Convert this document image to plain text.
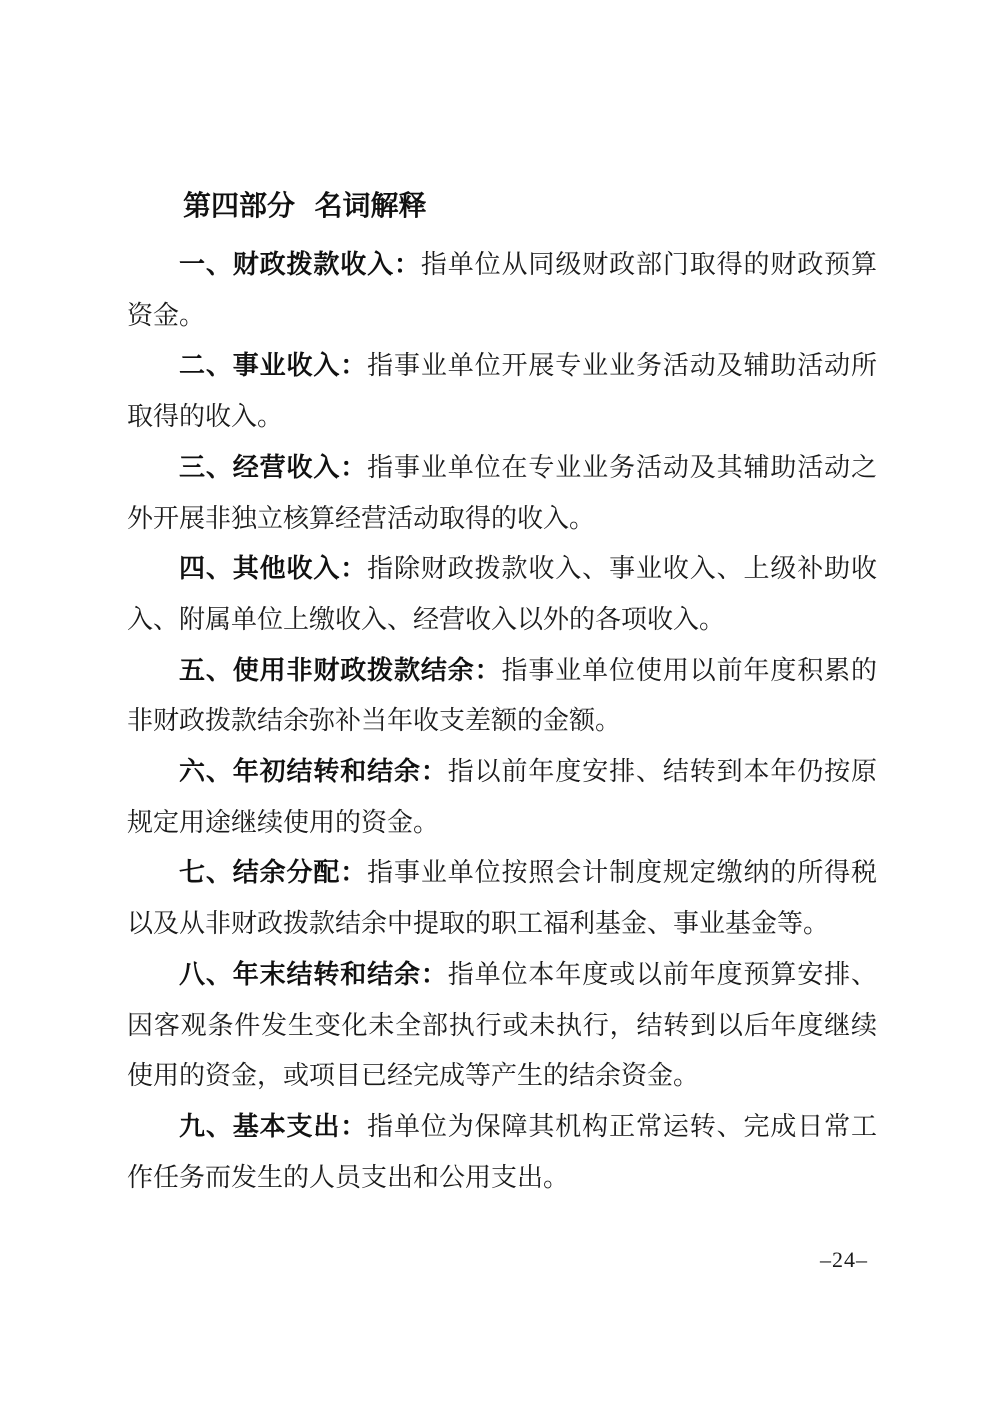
第四部分 名词解释

一、财政拨款收入：指单位从同级财政部门取得的财政预算资金。

二、事业收入：指事业单位开展专业业务活动及辅助活动所取得的收入。

三、经营收入：指事业单位在专业业务活动及其辅助活动之外开展非独立核算经营活动取得的收入。

四、其他收入：指除财政拨款收入、事业收入、上级补助收入、附属单位上缴收入、经营收入以外的各项收入。

五、使用非财政拨款结余：指事业单位使用以前年度积累的非财政拨款结余弥补当年收支差额的金额。

六、年初结转和结余：指以前年度安排、结转到本年仍按原规定用途继续使用的资金。

七、结余分配：指事业单位按照会计制度规定缴纳的所得税以及从非财政拨款结余中提取的职工福利基金、事业基金等。

八、年末结转和结余：指单位本年度或以前年度预算安排、因客观条件发生变化未全部执行或未执行，结转到以后年度继续使用的资金，或项目已经完成等产生的结余资金。

九、基本支出：指单位为保障其机构正常运转、完成日常工作任务而发生的人员支出和公用支出。

–24–
